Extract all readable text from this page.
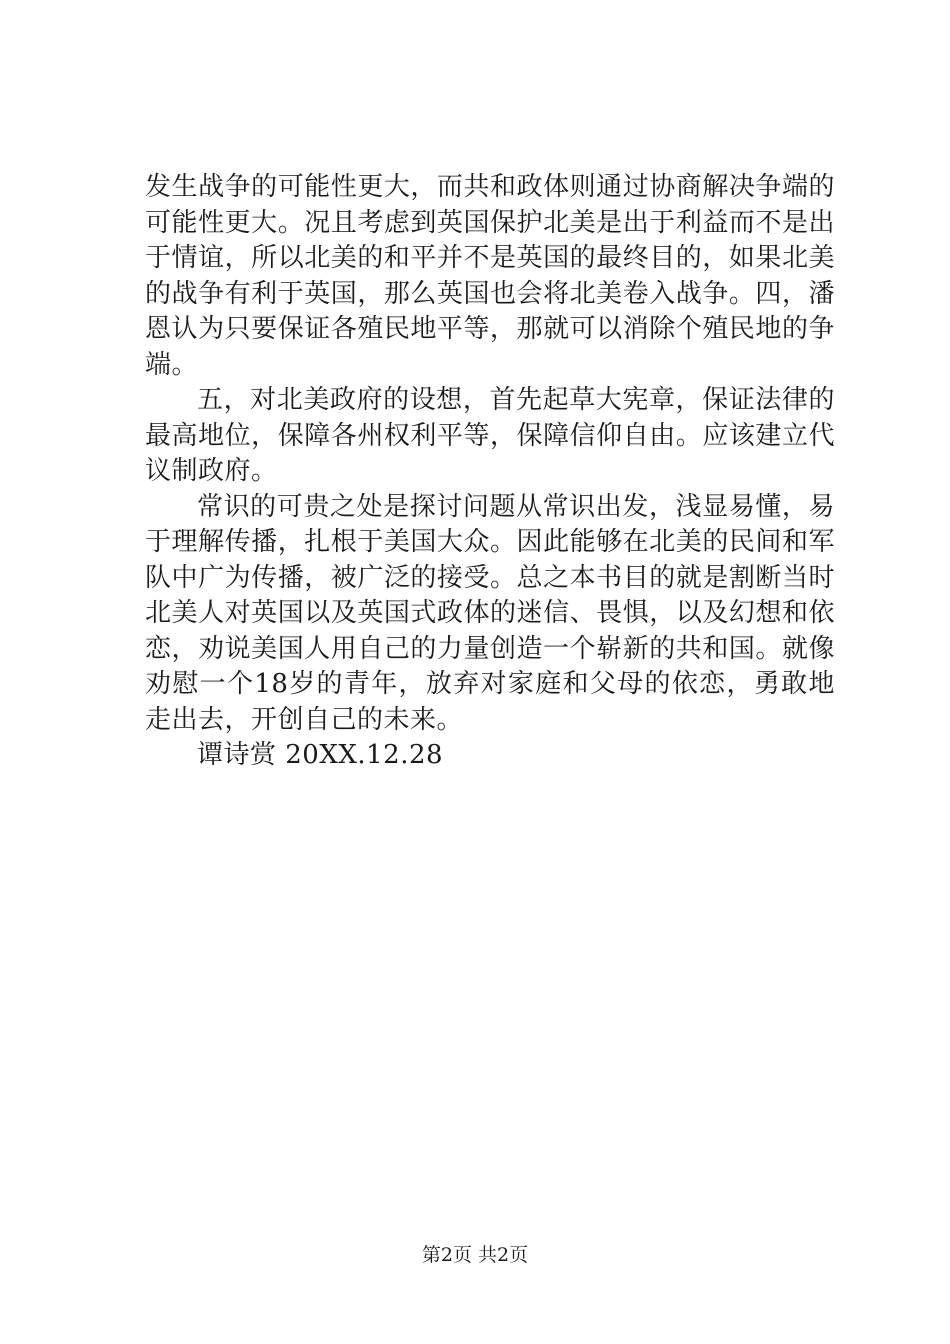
发生战争的可能性更大，而共和政体则通过协商解决争端的可能性更大。况且考虑到英国保护北美是出于利益而不是出于情谊，所以北美的和平并不是英国的最终目的，如果北美的战争有利于英国，那么英国也会将北美卷入战争。四，潘恩认为只要保证各殖民地平等，那就可以消除个殖民地的争端。

五，对北美政府的设想，首先起草大宪章，保证法律的最高地位，保障各州权利平等，保障信仰自由。应该建立代议制政府。

常识的可贵之处是探讨问题从常识出发，浅显易懂，易于理解传播，扎根于美国大众。因此能够在北美的民间和军队中广为传播，被广泛的接受。总之本书目的就是割断当时北美人对英国以及英国式政体的迷信、畏惧，以及幻想和依恋，劝说美国人用自己的力量创造一个崭新的共和国。就像劝慰一个18岁的青年，放弃对家庭和父母的依恋，勇敢地走出去，开创自己的未来。

谭诗赏 20XX.12.28

第2页 共2页
